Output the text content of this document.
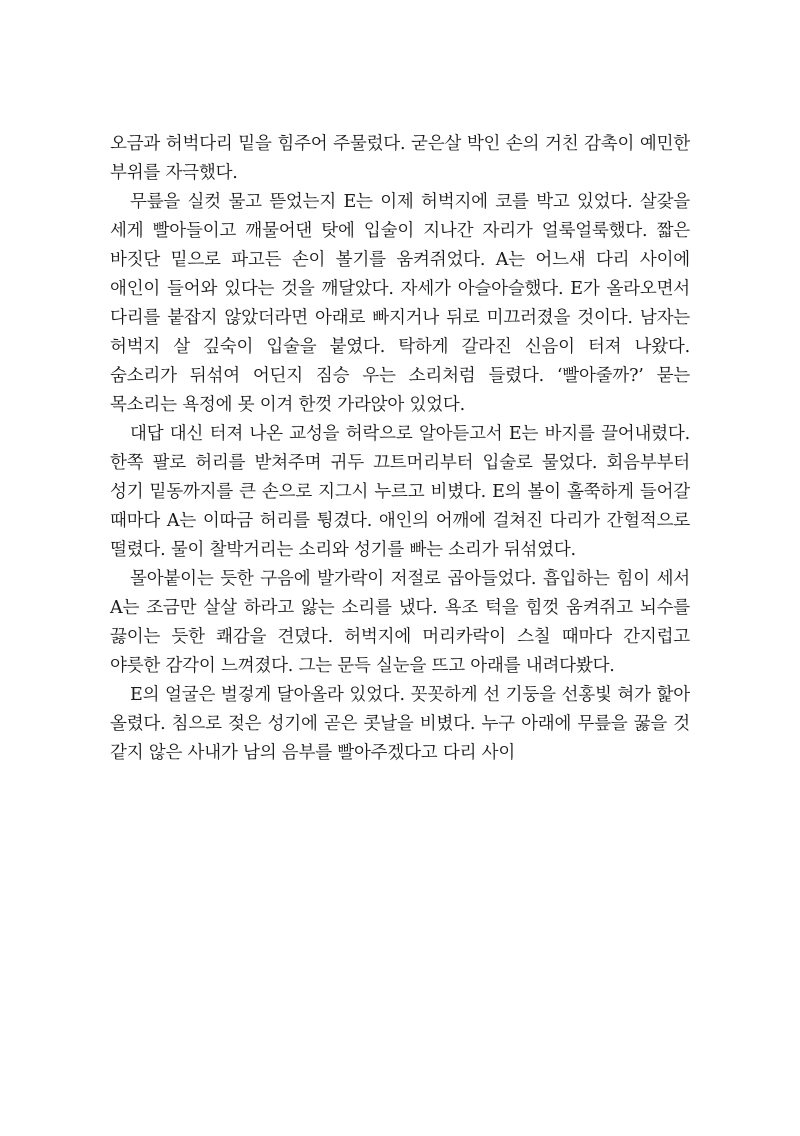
오금과 허벅다리 밑을 힘주어 주물렀다. 굳은살 박인 손의 거친 감촉이 예민한 부위를 자극했다.

무릎을 실컷 물고 뜯었는지 E는 이제 허벅지에 코를 박고 있었다. 살갗을 세게 빨아들이고 깨물어댄 탓에 입술이 지나간 자리가 얼룩얼룩했다. 짧은 바짓단 밑으로 파고든 손이 볼기를 움켜쥐었다. A는 어느새 다리 사이에 애인이 들어와 있다는 것을 깨달았다. 자세가 아슬아슬했다. E가 올라오면서 다리를 붙잡지 않았더라면 아래로 빠지거나 뒤로 미끄러졌을 것이다. 남자는 허벅지 살 깊숙이 입술을 붙였다. 탁하게 갈라진 신음이 터져 나왔다. 숨소리가 뒤섞여 어딘지 짐승 우는 소리처럼 들렸다. ‘빨아줄까?’ 묻는 목소리는 욕정에 못 이겨 한껏 가라앉아 있었다.

대답 대신 터져 나온 교성을 허락으로 알아듣고서 E는 바지를 끌어내렸다. 한쪽 팔로 허리를 받쳐주며 귀두 끄트머리부터 입술로 물었다. 회음부부터 성기 밑동까지를 큰 손으로 지그시 누르고 비볐다. E의 볼이 홀쭉하게 들어갈 때마다 A는 이따금 허리를 튕겼다. 애인의 어깨에 걸쳐진 다리가 간헐적으로 떨렸다. 물이 찰박거리는 소리와 성기를 빠는 소리가 뒤섞였다.

몰아붙이는 듯한 구음에 발가락이 저절로 곱아들었다. 흡입하는 힘이 세서 A는 조금만 살살 하라고 앓는 소리를 냈다. 욕조 턱을 힘껏 움켜쥐고 뇌수를 끓이는 듯한 쾌감을 견뎠다. 허벅지에 머리카락이 스칠 때마다 간지럽고 야릇한 감각이 느껴졌다. 그는 문득 실눈을 뜨고 아래를 내려다봤다.

E의 얼굴은 벌겋게 달아올라 있었다. 꼿꼿하게 선 기둥을 선홍빛 혀가 핥아 올렸다. 침으로 젖은 성기에 곧은 콧날을 비볐다. 누구 아래에 무릎을 꿇을 것 같지 않은 사내가 남의 음부를 빨아주겠다고 다리 사이
